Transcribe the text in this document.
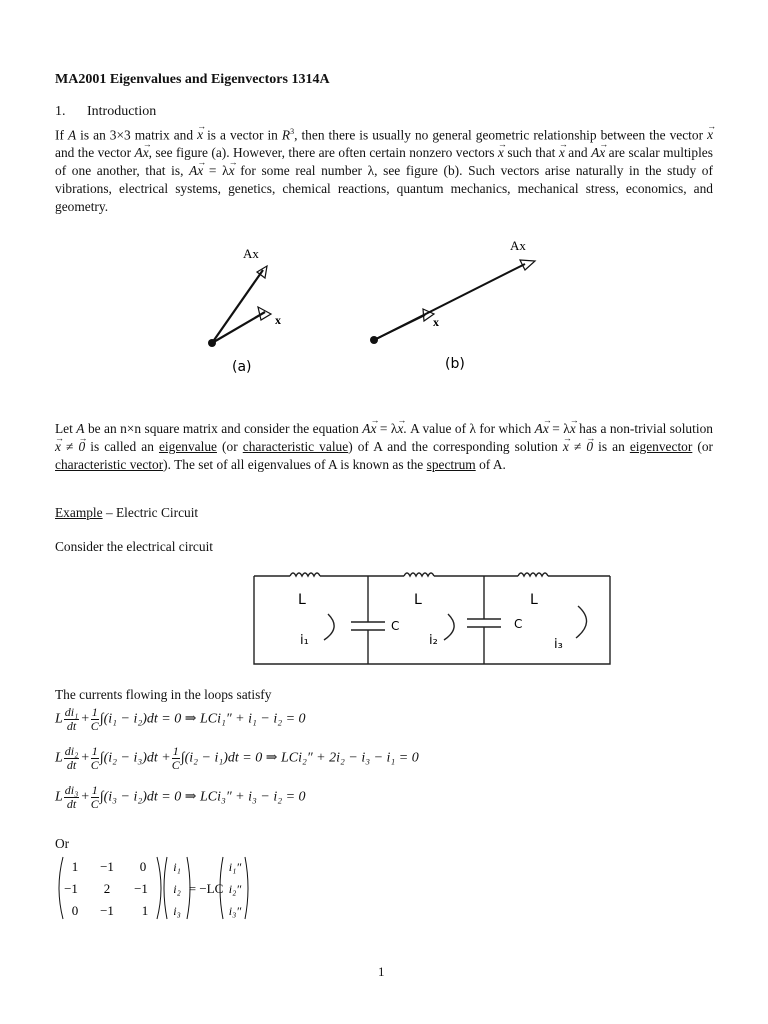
MA2001 Eigenvalues and Eigenvectors 1314A
1. Introduction
If A is an 3×3 matrix and → x is a vector in $R^3$, then there is usually no general geometric relationship between the vector → x and the vector A→ x, see figure (a). However, there are often certain nonzero vectors → x such that → x and A→ x are scalar multiples of one another, that is, A→ x = λ→ x for some real number λ, see figure (b). Such vectors arise naturally in the study of vibrations, electrical systems, genetics, chemical reactions, quantum mechanics, mechanical stress, economics, and geometry.
Ax
x
(a)
Ax
x
(b)
Let A be an n×n square matrix and consider the equation A→ x = λ→ x. A value of λ for which A→ x = λ→ x has a non-trivial solution → x ≠ → 0 is called an eigenvalue (or characteristic value) of A and the corresponding solution → x ≠ → 0 is an eigenvector (or characteristic vector). The set of all eigenvalues of A is known as the spectrum of A.
Example – Electric Circuit
Consider the electrical circuit
L	L	L
C	C
i₁	i₂	i₃
The currents flowing in the loops satisfy
L $\frac{\text{di₁}}{dt} + \frac{1}{C} \int(i_1 - i_2)dt = 0$ ⇒ LCi₁″ + i₁ − i₂ = 0
L $\frac{\text{di₂}}{dt} + \frac{1}{C} \int(i_2 - i_3)dt + \frac{1}{C} \int(i_2 - i_1)dt = 0$ ⇒ LCi₂″ + 2i₂ − i₃ − i₁ = 0
L $\frac{\text{di₃}}{dt} + \frac{1}{C} \int(i_3 - i_2)dt = 0$ ⇒ LCi₃″ + i₃ − i₂ = 0
Or
1 −1 0
−1 2 −1
0 −1 1
i₁
i₂
i₃
i₁″
i₂″
i₃″
= −LC
1
